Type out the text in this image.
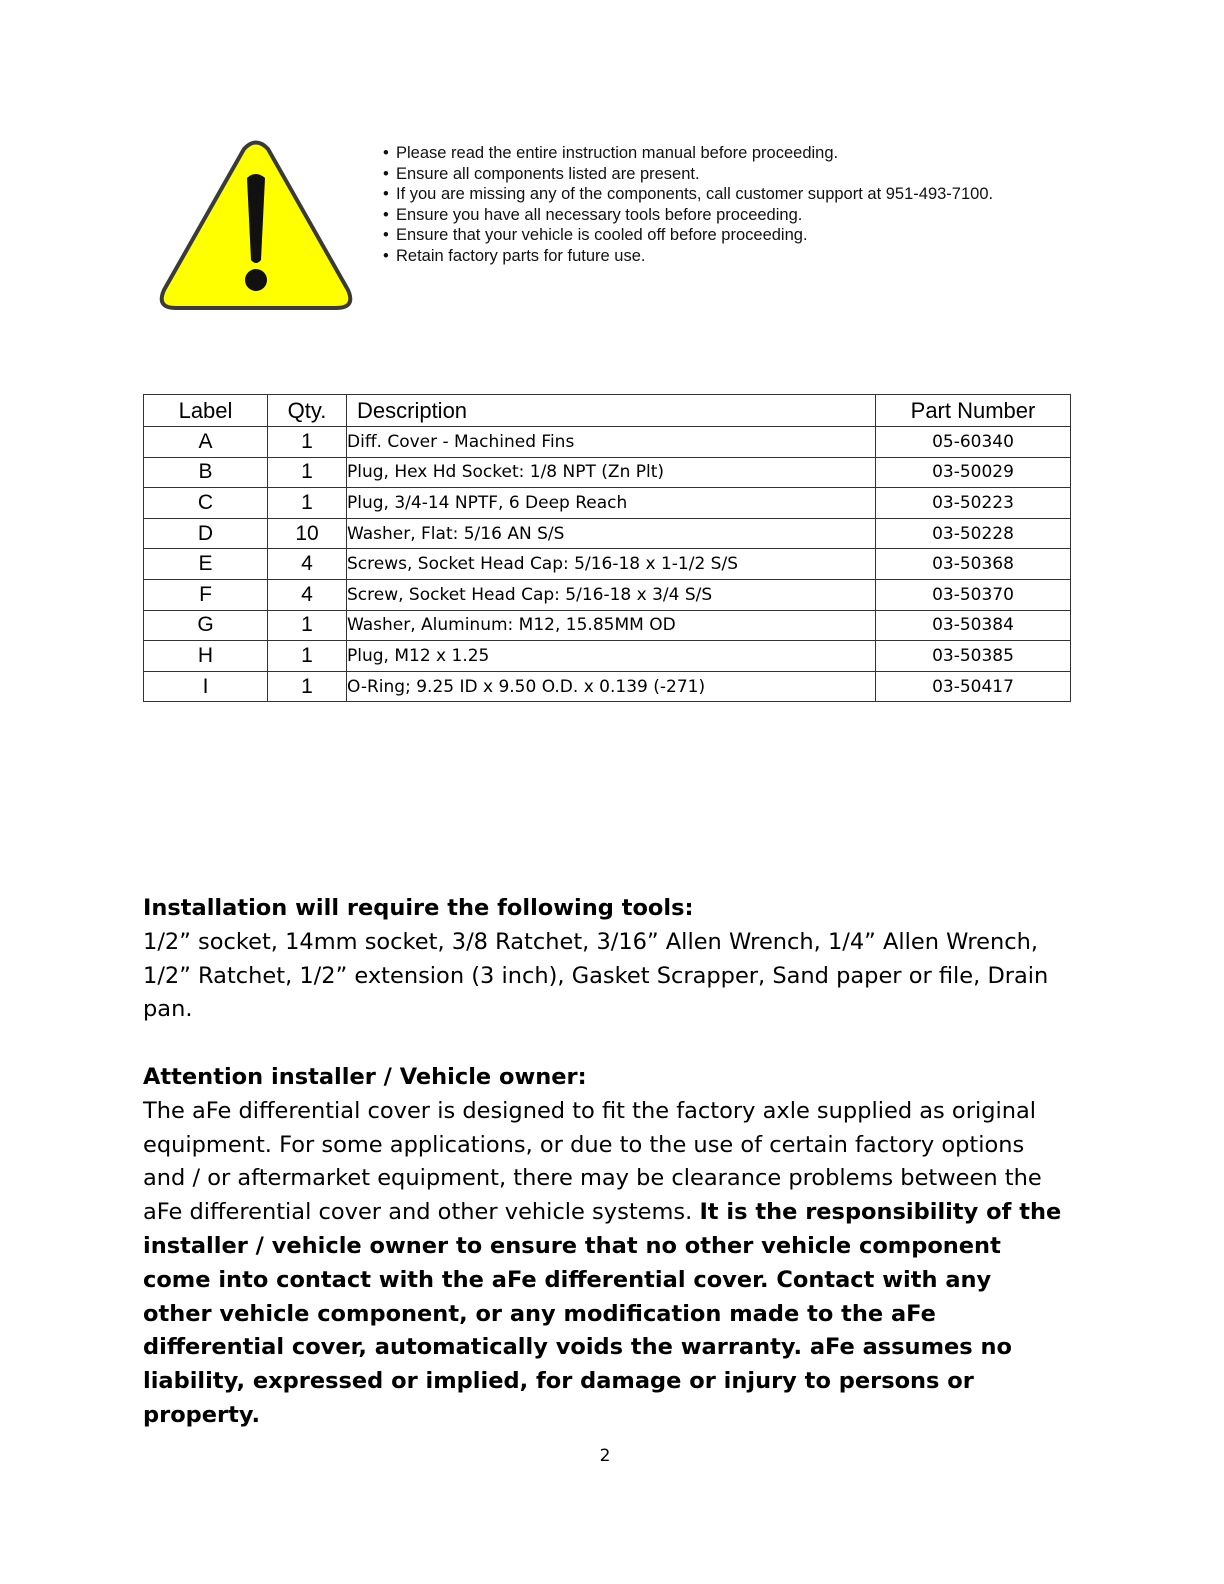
• Please read the entire instruction manual before proceeding.
• Ensure all components listed are present.
• If you are missing any of the components, call customer support at 951-493-7100.
• Ensure you have all necessary tools before proceeding.
• Ensure that your vehicle is cooled off before proceeding.
• Retain factory parts for future use.
Label	Qty.	Description	Part Number
A	1	Diff. Cover - Machined Fins	05-60340
B	1	Plug, Hex Hd Socket: 1/8 NPT (Zn Plt)	03-50029
C	1	Plug, 3/4-14 NPTF, 6 Deep Reach	03-50223
D	10	Washer, Flat: 5/16 AN S/S	03-50228
E	4	Screws, Socket Head Cap: 5/16-18 x 1-1/2 S/S	03-50368
F	4	Screw, Socket Head Cap: 5/16-18 x 3/4 S/S	03-50370
G	1	Washer, Aluminum: M12, 15.85MM OD	03-50384
H	1	Plug, M12 x 1.25	03-50385
I	1	O-Ring; 9.25 ID x 9.50 O.D. x 0.139 (-271)	03-50417
Installation will require the following tools:

1/2” socket, 14mm socket, 3/8 Ratchet, 3/16” Allen Wrench, 1/4” Allen Wrench, 1/2” Ratchet, 1/2” extension (3 inch), Gasket Scrapper, Sand paper or file, Drain pan.

Attention installer / Vehicle owner:

The aFe differential cover is designed to fit the factory axle supplied as original equipment. For some applications, or due to the use of certain factory options and / or aftermarket equipment, there may be clearance problems between the aFe differential cover and other vehicle systems. It is the responsibility of the installer / vehicle owner to ensure that no other vehicle component come into contact with the aFe differential cover. Contact with any other vehicle component, or any modification made to the aFe differential cover, automatically voids the warranty. aFe assumes no liability, expressed or implied, for damage or injury to persons or property.

2
